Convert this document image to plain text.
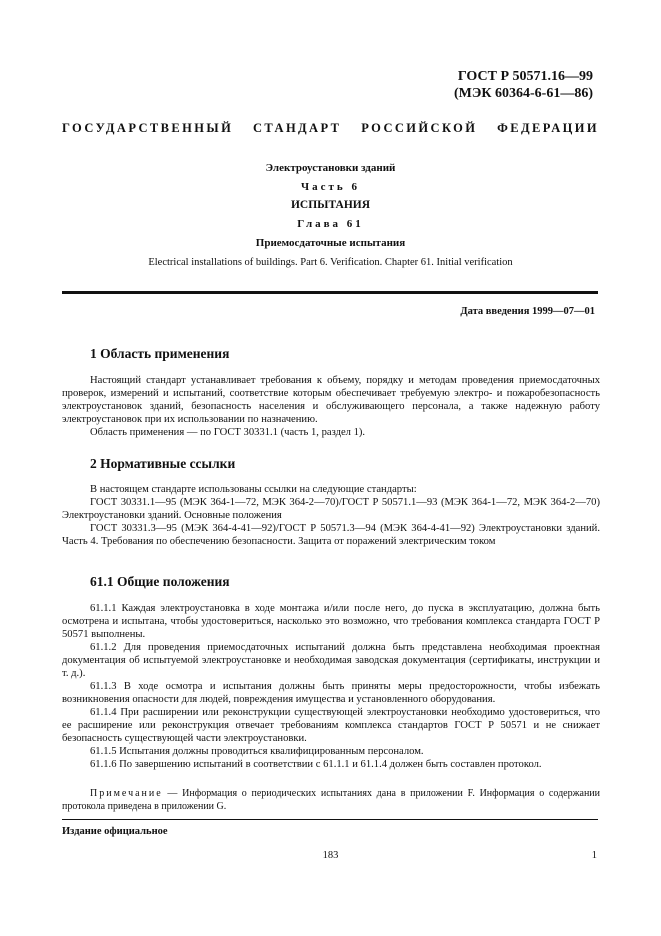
ГОСТ Р 50571.16—99
(МЭК 60364-6-61—86)
ГОСУДАРСТВЕННЫЙ СТАНДАРТ РОССИЙСКОЙ ФЕДЕРАЦИИ
Электроустановки зданий
Часть 6
ИСПЫТАНИЯ
Глава 61
Приемосдаточные испытания
Electrical installations of buildings. Part 6. Verification. Chapter 61. Initial verification
Дата введения 1999—07—01
1 Область применения

Настоящий стандарт устанавливает требования к объему, порядку и методам проведения приемосдаточных проверок, измерений и испытаний, соответствие которым обеспечивает требуемую электро- и пожаробезопасность электроустановок зданий, безопасность населения и обслуживающего персонала, а также надежную работу электроустановок при их использовании по назначению.

Область применения — по ГОСТ 30331.1 (часть 1, раздел 1).

2 Нормативные ссылки

В настоящем стандарте использованы ссылки на следующие стандарты:

ГОСТ 30331.1—95 (МЭК 364-1—72, МЭК 364-2—70)/ГОСТ Р 50571.1—93 (МЭК 364-1—72, МЭК 364-2—70) Электроустановки зданий. Основные положения

ГОСТ 30331.3—95 (МЭК 364-4-41—92)/ГОСТ Р 50571.3—94 (МЭК 364-4-41—92) Электроустановки зданий. Часть 4. Требования по обеспечению безопасности. Защита от поражений электрическим током

61.1 Общие положения

61.1.1 Каждая электроустановка в ходе монтажа и/или после него, до пуска в эксплуатацию, должна быть осмотрена и испытана, чтобы удостовериться, насколько это возможно, что требования комплекса стандарта ГОСТ Р 50571 выполнены.

61.1.2 Для проведения приемосдаточных испытаний должна быть представлена необходимая проектная документация об испытуемой электроустановке и необходимая заводская документация (сертификаты, инструкции и т. д.).

61.1.3 В ходе осмотра и испытания должны быть приняты меры предосторожности, чтобы избежать возникновения опасности для людей, повреждения имущества и установленного оборудования.

61.1.4 При расширении или реконструкции существующей электроустановки необходимо удостовериться, что ее расширение или реконструкция отвечает требованиям комплекса стандартов ГОСТ Р 50571 и не снижает безопасность существующей части электроустановки.

61.1.5 Испытания должны проводиться квалифицированным персоналом.

61.1.6 По завершению испытаний в соответствии с 61.1.1 и 61.1.4 должен быть составлен протокол.

Примечание — Информация о периодических испытаниях дана в приложении F. Информация о содержании протокола приведена в приложении G.
Издание официальное
183	1
